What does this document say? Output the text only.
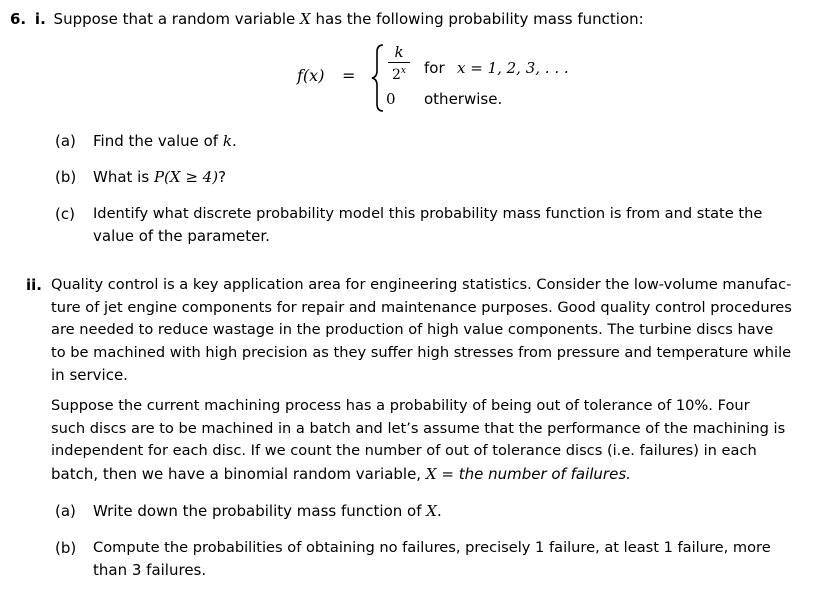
6. i. Suppose that a random variable X has the following probability mass function:
f(x) =
k
2$^x$	for x = 1, 2, 3, . . .
0 otherwise.
(a) Find the value of k.
(b) What is P(X ≥ 4)?
(c) Identify what discrete probability model this probability mass function is from and state the
value of the parameter.
ii. Quality control is a key application area for engineering statistics. Consider the low-volume manufac-
ture of jet engine components for repair and maintenance purposes. Good quality control procedures
are needed to reduce wastage in the production of high value components. The turbine discs have
to be machined with high precision as they suffer high stresses from pressure and temperature while
in service.
Suppose the current machining process has a probability of being out of tolerance of 10%. Four
such discs are to be machined in a batch and let’s assume that the performance of the machining is
independent for each disc. If we count the number of out of tolerance discs (i.e. failures) in each
batch, then we have a binomial random variable, X = the number of failures.
(a) Write down the probability mass function of X.
(b) Compute the probabilities of obtaining no failures, precisely 1 failure, at least 1 failure, more
than 3 failures.
